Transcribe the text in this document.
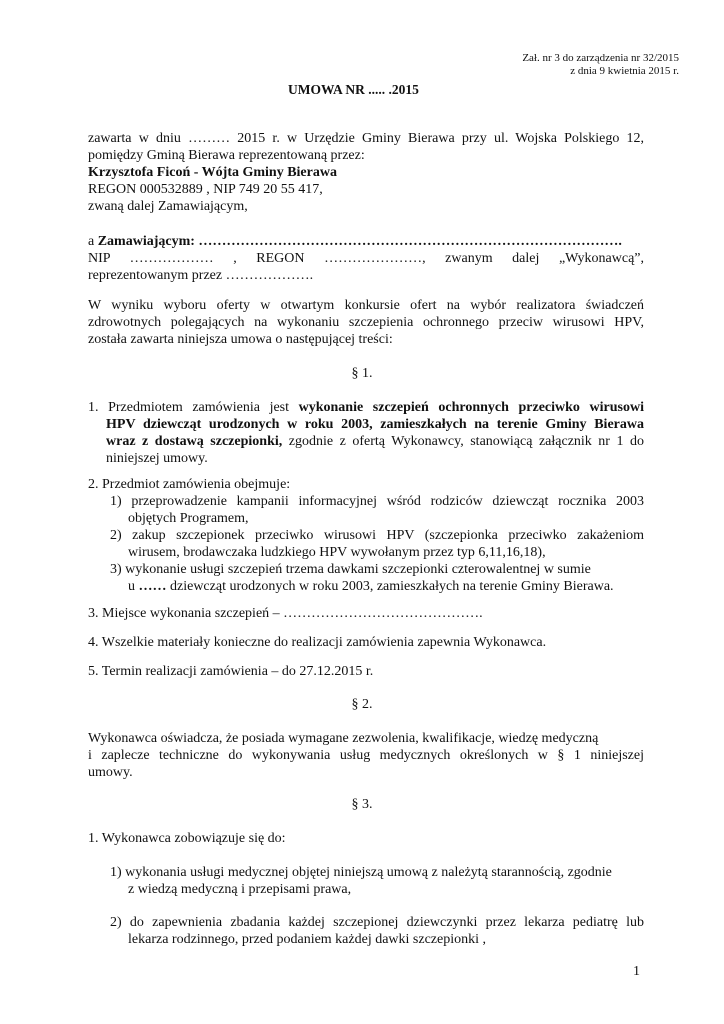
Zał. nr 3 do zarządzenia nr 32/2015
z dnia 9 kwietnia 2015 r.
UMOWA NR ..... .2015
zawarta w dniu ……… 2015 r. w Urzędzie Gminy Bierawa przy ul. Wojska Polskiego 12,
pomiędzy Gminą Bierawa reprezentowaną przez:
Krzysztofa Ficoń - Wójta Gminy Bierawa
REGON 000532889 , NIP 749 20 55 417,
zwaną dalej Zamawiającym,
a Zamawiającym: ……………………………………………………………………………….
NIP ……………… , REGON …………………, zwanym dalej „Wykonawcą”,
reprezentowanym przez ……………….
W wyniku wyboru oferty w otwartym konkursie ofert na wybór realizatora świadczeń
zdrowotnych polegających na wykonaniu szczepienia ochronnego przeciw wirusowi HPV,
została zawarta niniejsza umowa o następującej treści:
§ 1.
1. Przedmiotem zamówienia jest wykonanie szczepień ochronnych przeciwko wirusowi
HPV dziewcząt urodzonych w roku 2003, zamieszkałych na terenie Gminy Bierawa
wraz z dostawą szczepionki, zgodnie z ofertą Wykonawcy, stanowiącą załącznik nr 1 do
niniejszej umowy.
2. Przedmiot zamówienia obejmuje:
1) przeprowadzenie kampanii informacyjnej wśród rodziców dziewcząt rocznika 2003
objętych Programem,
2) zakup szczepionek przeciwko wirusowi HPV (szczepionka przeciwko zakażeniom
wirusem, brodawczaka ludzkiego HPV wywołanym przez typ 6,11,16,18),
3) wykonanie usługi szczepień trzema dawkami szczepionki czterowalentnej w sumie
u …… dziewcząt urodzonych w roku 2003, zamieszkałych na terenie Gminy Bierawa.
3. Miejsce wykonania szczepień – …………………………………….
4. Wszelkie materiały konieczne do realizacji zamówienia zapewnia Wykonawca.
5. Termin realizacji zamówienia – do 27.12.2015 r.
§ 2.
Wykonawca oświadcza, że posiada wymagane zezwolenia, kwalifikacje, wiedzę medyczną
i zaplecze techniczne do wykonywania usług medycznych określonych w § 1 niniejszej
umowy.
§ 3.
1. Wykonawca zobowiązuje się do:
1) wykonania usługi medycznej objętej niniejszą umową z należytą starannością, zgodnie
z wiedzą medyczną i przepisami prawa,
2) do zapewnienia zbadania każdej szczepionej dziewczynki przez lekarza pediatrę lub
lekarza rodzinnego, przed podaniem każdej dawki szczepionki ,
1
